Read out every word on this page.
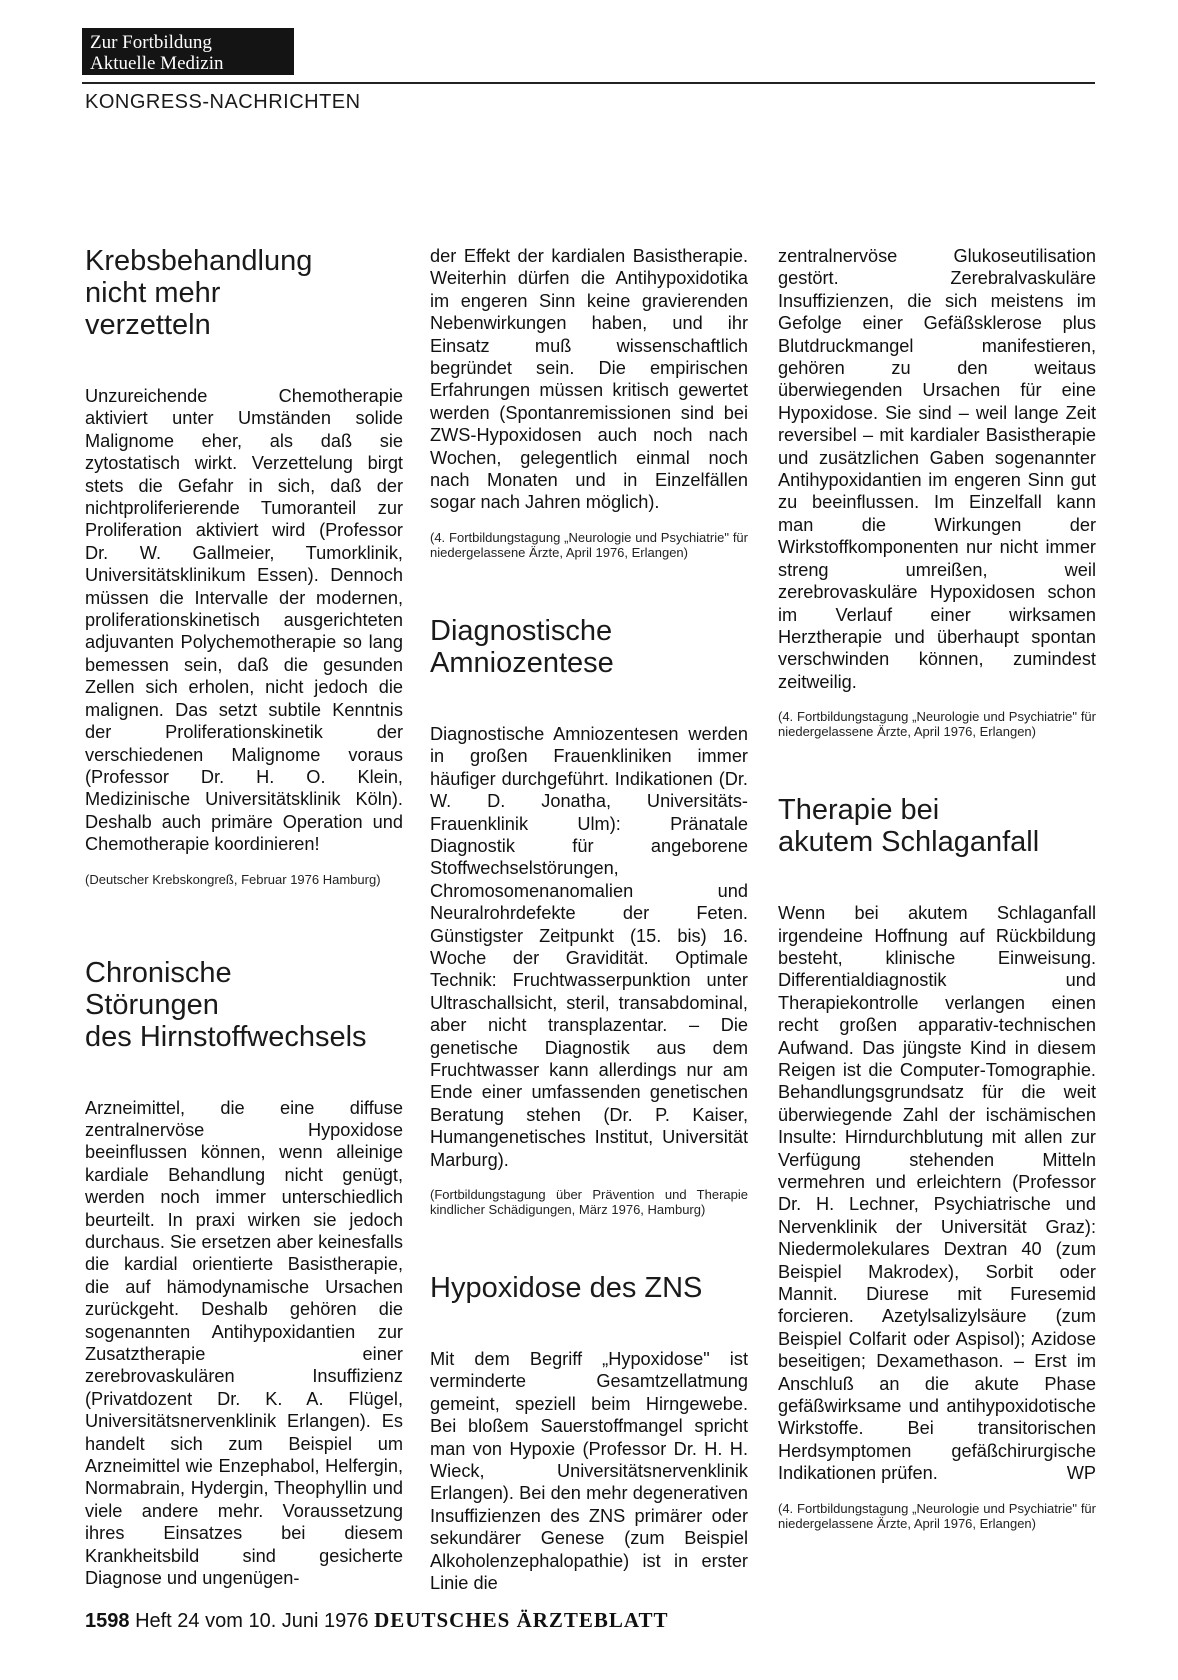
Zur Fortbildung
Aktuelle Medizin
KONGRESS-NACHRICHTEN
Krebsbehandlung
nicht mehr
verzetteln

Unzureichende Chemotherapie aktiviert unter Umständen solide Malignome eher, als daß sie zytostatisch wirkt. Verzettelung birgt stets die Gefahr in sich, daß der nichtproliferierende Tumoranteil zur Proliferation aktiviert wird (Professor Dr. W. Gallmeier, Tumorklinik, Universitätsklinikum Essen). Dennoch müssen die Intervalle der modernen, proliferationskinetisch ausgerichteten adjuvanten Polychemotherapie so lang bemessen sein, daß die gesunden Zellen sich erholen, nicht jedoch die malignen. Das setzt subtile Kenntnis der Proliferationskinetik der verschiedenen Malignome voraus (Professor Dr. H. O. Klein, Medizinische Universitätsklinik Köln). Deshalb auch primäre Operation und Chemotherapie koordinieren!

(Deutscher Krebskongreß, Februar 1976 Hamburg)

Chronische
Störungen
des Hirnstoffwechsels

Arzneimittel, die eine diffuse zentralnervöse Hypoxidose beeinflussen können, wenn alleinige kardiale Behandlung nicht genügt, werden noch immer unterschiedlich beurteilt. In praxi wirken sie jedoch durchaus. Sie ersetzen aber keinesfalls die kardial orientierte Basistherapie, die auf hämodynamische Ursachen zurückgeht. Deshalb gehören die sogenannten Antihypoxidantien zur Zusatztherapie einer zerebrovaskulären Insuffizienz (Privatdozent Dr. K. A. Flügel, Universitätsnervenklinik Erlangen). Es handelt sich zum Beispiel um Arzneimittel wie Enzephabol, Helfergin, Normabrain, Hydergin, Theophyllin und viele andere mehr. Voraussetzung ihres Einsatzes bei diesem Krankheitsbild sind gesicherte Diagnose und ungenügen-

der Effekt der kardialen Basistherapie. Weiterhin dürfen die Antihypoxidotika im engeren Sinn keine gravierenden Nebenwirkungen haben, und ihr Einsatz muß wissenschaftlich begründet sein. Die empirischen Erfahrungen müssen kritisch gewertet werden (Spontanremissionen sind bei ZWS-Hypoxidosen auch noch nach Wochen, gelegentlich einmal noch nach Monaten und in Einzelfällen sogar nach Jahren möglich).

(4. Fortbildungstagung „Neurologie und Psychiatrie" für niedergelassene Ärzte, April 1976, Erlangen)

Diagnostische
Amniozentese

Diagnostische Amniozentesen werden in großen Frauenkliniken immer häufiger durchgeführt. Indikationen (Dr. W. D. Jonatha, Universitäts-Frauenklinik Ulm): Pränatale Diagnostik für angeborene Stoffwechselstörungen, Chromosomenanomalien und Neuralrohrdefekte der Feten. Günstigster Zeitpunkt (15. bis) 16. Woche der Gravidität. Optimale Technik: Fruchtwasserpunktion unter Ultraschallsicht, steril, transabdominal, aber nicht transplazentar. – Die genetische Diagnostik aus dem Fruchtwasser kann allerdings nur am Ende einer umfassenden genetischen Beratung stehen (Dr. P. Kaiser, Humangenetisches Institut, Universität Marburg).

(Fortbildungstagung über Prävention und Therapie kindlicher Schädigungen, März 1976, Hamburg)

Hypoxidose des ZNS

Mit dem Begriff „Hypoxidose" ist verminderte Gesamtzellatmung gemeint, speziell beim Hirngewebe. Bei bloßem Sauerstoffmangel spricht man von Hypoxie (Professor Dr. H. H. Wieck, Universitätsnervenklinik Erlangen). Bei den mehr degenerativen Insuffizienzen des ZNS primärer oder sekundärer Genese (zum Beispiel Alkoholenzephalopathie) ist in erster Linie die

zentralnervöse Glukoseutilisation gestört. Zerebralvaskuläre Insuffizienzen, die sich meistens im Gefolge einer Gefäßsklerose plus Blutdruckmangel manifestieren, gehören zu den weitaus überwiegenden Ursachen für eine Hypoxidose. Sie sind – weil lange Zeit reversibel – mit kardialer Basistherapie und zusätzlichen Gaben sogenannter Antihypoxidantien im engeren Sinn gut zu beeinflussen. Im Einzelfall kann man die Wirkungen der Wirkstoffkomponenten nur nicht immer streng umreißen, weil zerebrovaskuläre Hypoxidosen schon im Verlauf einer wirksamen Herztherapie und überhaupt spontan verschwinden können, zumindest zeitweilig.

(4. Fortbildungstagung „Neurologie und Psychiatrie" für niedergelassene Ärzte, April 1976, Erlangen)

Therapie bei
akutem Schlaganfall

Wenn bei akutem Schlaganfall irgendeine Hoffnung auf Rückbildung besteht, klinische Einweisung. Differentialdiagnostik und Therapiekontrolle verlangen einen recht großen apparativ-technischen Aufwand. Das jüngste Kind in diesem Reigen ist die Computer-Tomographie. Behandlungsgrundsatz für die weit überwiegende Zahl der ischämischen Insulte: Hirndurchblutung mit allen zur Verfügung stehenden Mitteln vermehren und erleichtern (Professor Dr. H. Lechner, Psychiatrische und Nervenklinik der Universität Graz): Niedermolekulares Dextran 40 (zum Beispiel Makrodex), Sorbit oder Mannit. Diurese mit Furesemid forcieren. Azetylsalizylsäure (zum Beispiel Colfarit oder Aspisol); Azidose beseitigen; Dexamethason. – Erst im Anschluß an die akute Phase gefäßwirksame und antihypoxidotische Wirkstoffe. Bei transitorischen Herdsymptomen gefäßchirurgische Indikationen prüfen.	WP

(4. Fortbildungstagung „Neurologie und Psychiatrie" für niedergelassene Ärzte, April 1976, Erlangen)

1598 Heft 24 vom 10. Juni 1976 DEUTSCHES ÄRZTEBLATT
